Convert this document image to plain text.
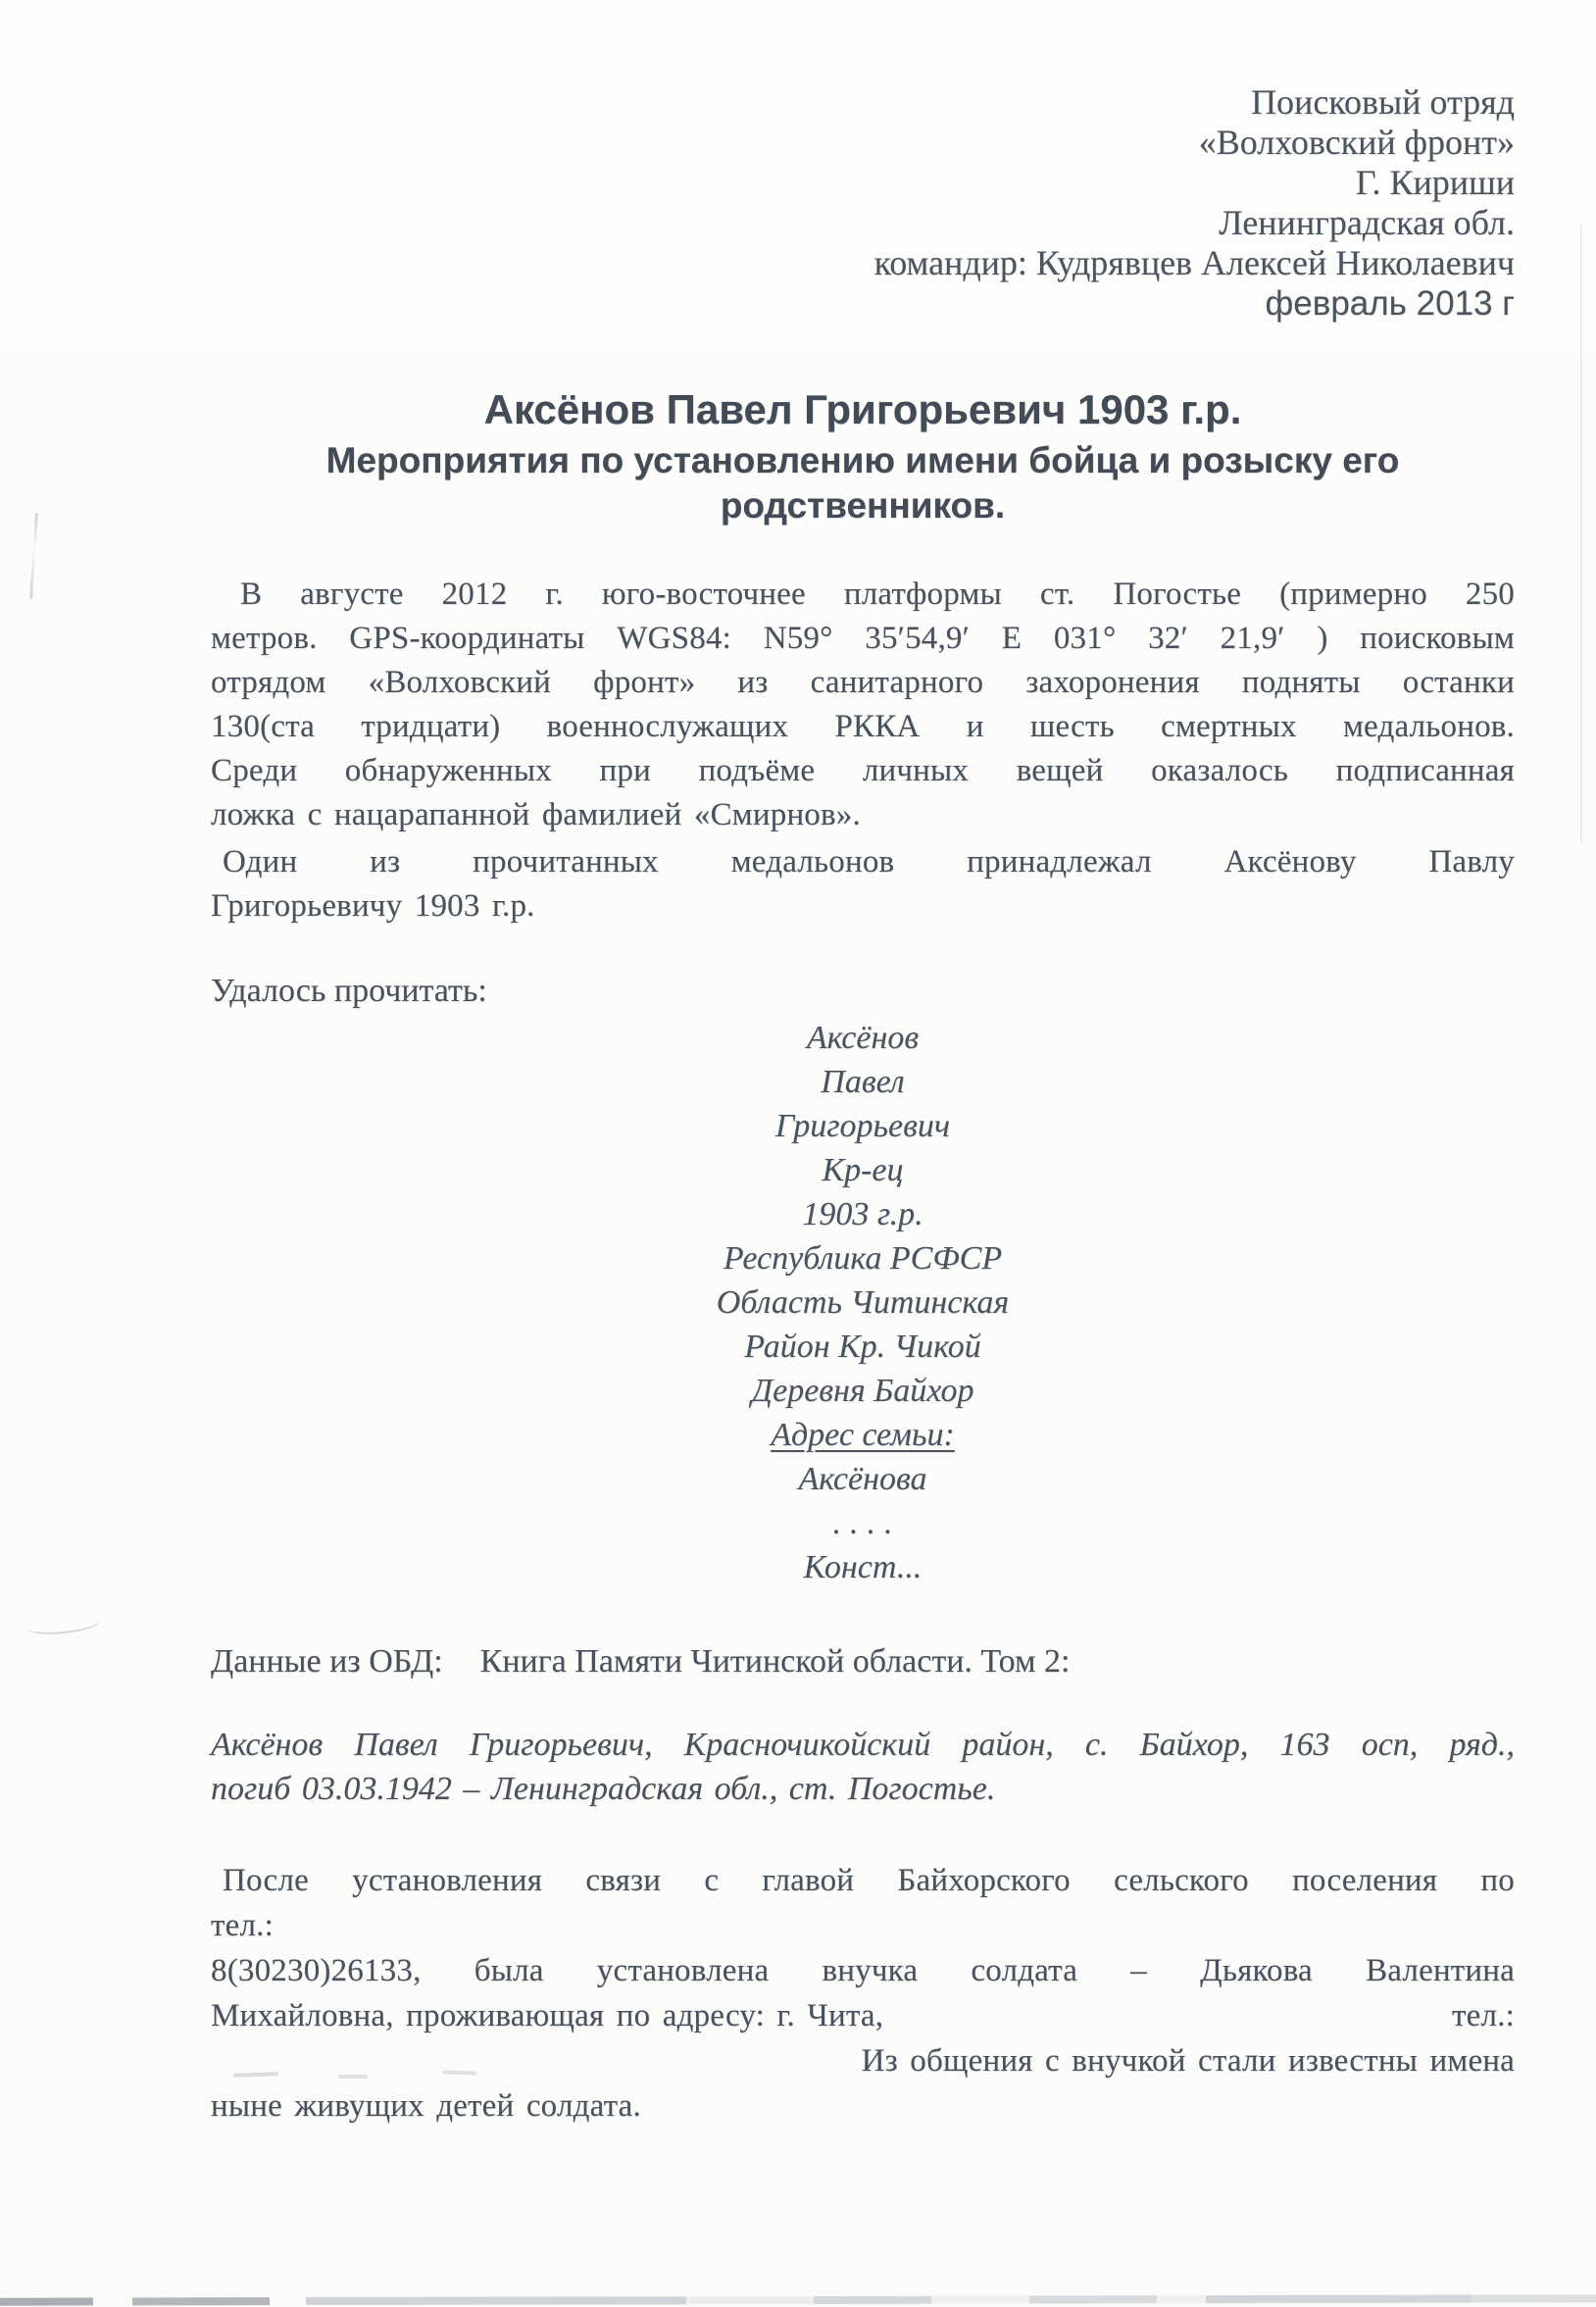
Поисковый отряд
«Волховский фронт»
Г. Кириши
Ленинградская обл.
командир: Кудрявцев Алексей Николаевич
февраль 2013 г
Аксёнов Павел Григорьевич 1903 г.р.
Мероприятия по установлению имени бойца и розыску его
родственников.
В августе 2012 г. юго-восточнее платформы ст. Погостье (примерно 250
метров. GPS-координаты WGS84: N59° 35′54,9′ E 031° 32′ 21,9′ ) поисковым
отрядом «Волховский фронт» из санитарного захоронения подняты останки
130(ста тридцати) военнослужащих РККА и шесть смертных медальонов.
Среди обнаруженных при подъёме личных вещей оказалось подписанная
ложка с нацарапанной фамилией «Смирнов».
Один из прочитанных медальонов принадлежал Аксёнову Павлу
Григорьевичу 1903 г.р.
Удалось прочитать:
Аксёнов
Павел
Григорьевич
Кр-ец
1903 г.р.
Республика РСФСР
Область Читинская
Район Кр. Чикой
Деревня Байхор
Адрес семьи:
Аксёнова
....
Конст...
Данные из ОБД: Книга Памяти Читинской области. Том 2:
Аксёнов Павел Григорьевич, Красночикойский район, с. Байхор, 163 осп, ряд.,
погиб 03.03.1942 – Ленинградская обл., ст. Погостье.
После установления связи с главой Байхорского сельского поселения по
тел.:
8(30230)26133, была установлена внучка солдата – Дьякова Валентина
Михайловна, проживающая по адресу: г. Чита,	тел.:
Из общения с внучкой стали известны имена
ныне живущих детей солдата.
